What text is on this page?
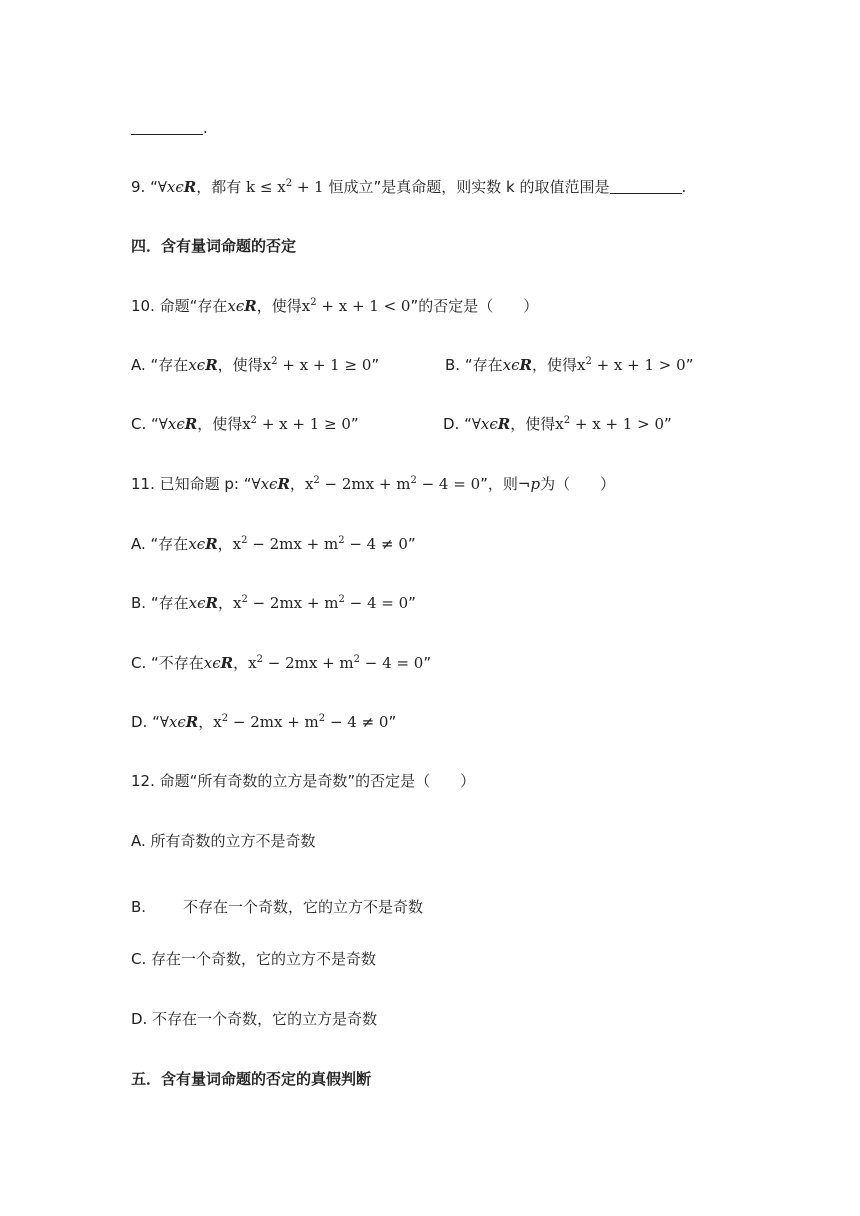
.
9. “∀xϵR，都有 $k \le x^2 + 1$ 恒成立”是真命题，则实数 k 的取值范围是	.
四．含有量词命题的否定
10. 命题“存在xϵR，使得$x^2 + x + 1 < 0$”的否定是（　　）
A. “存在xϵR，使得$x^2 + x + 1 \ge 0$”	B. “存在xϵR，使得$x^2 + x + 1 > 0$”
C. “∀xϵR，使得$x^2 + x + 1 \ge 0$”	D. “∀xϵR，使得$x^2 + x + 1 > 0$”
11. 已知命题 p: “∀xϵR，$x^2 - 2mx + m^2 - 4 = 0$”，则¬p为（　　）
A. “存在xϵR，$x^2 - 2mx + m^2 - 4 \ne 0$”
B. “存在xϵR，$x^2 - 2mx + m^2 - 4 = 0$”
C. “不存在xϵR，$x^2 - 2mx + m^2 - 4 = 0$”
D. “∀xϵR，$x^2 - 2mx + m^2 - 4 \ne 0$”
12. 命题“所有奇数的立方是奇数”的否定是（　　）
A. 所有奇数的立方不是奇数
B. 不存在一个奇数，它的立方不是奇数
C. 存在一个奇数，它的立方不是奇数
D. 不存在一个奇数，它的立方是奇数
五．含有量词命题的否定的真假判断
